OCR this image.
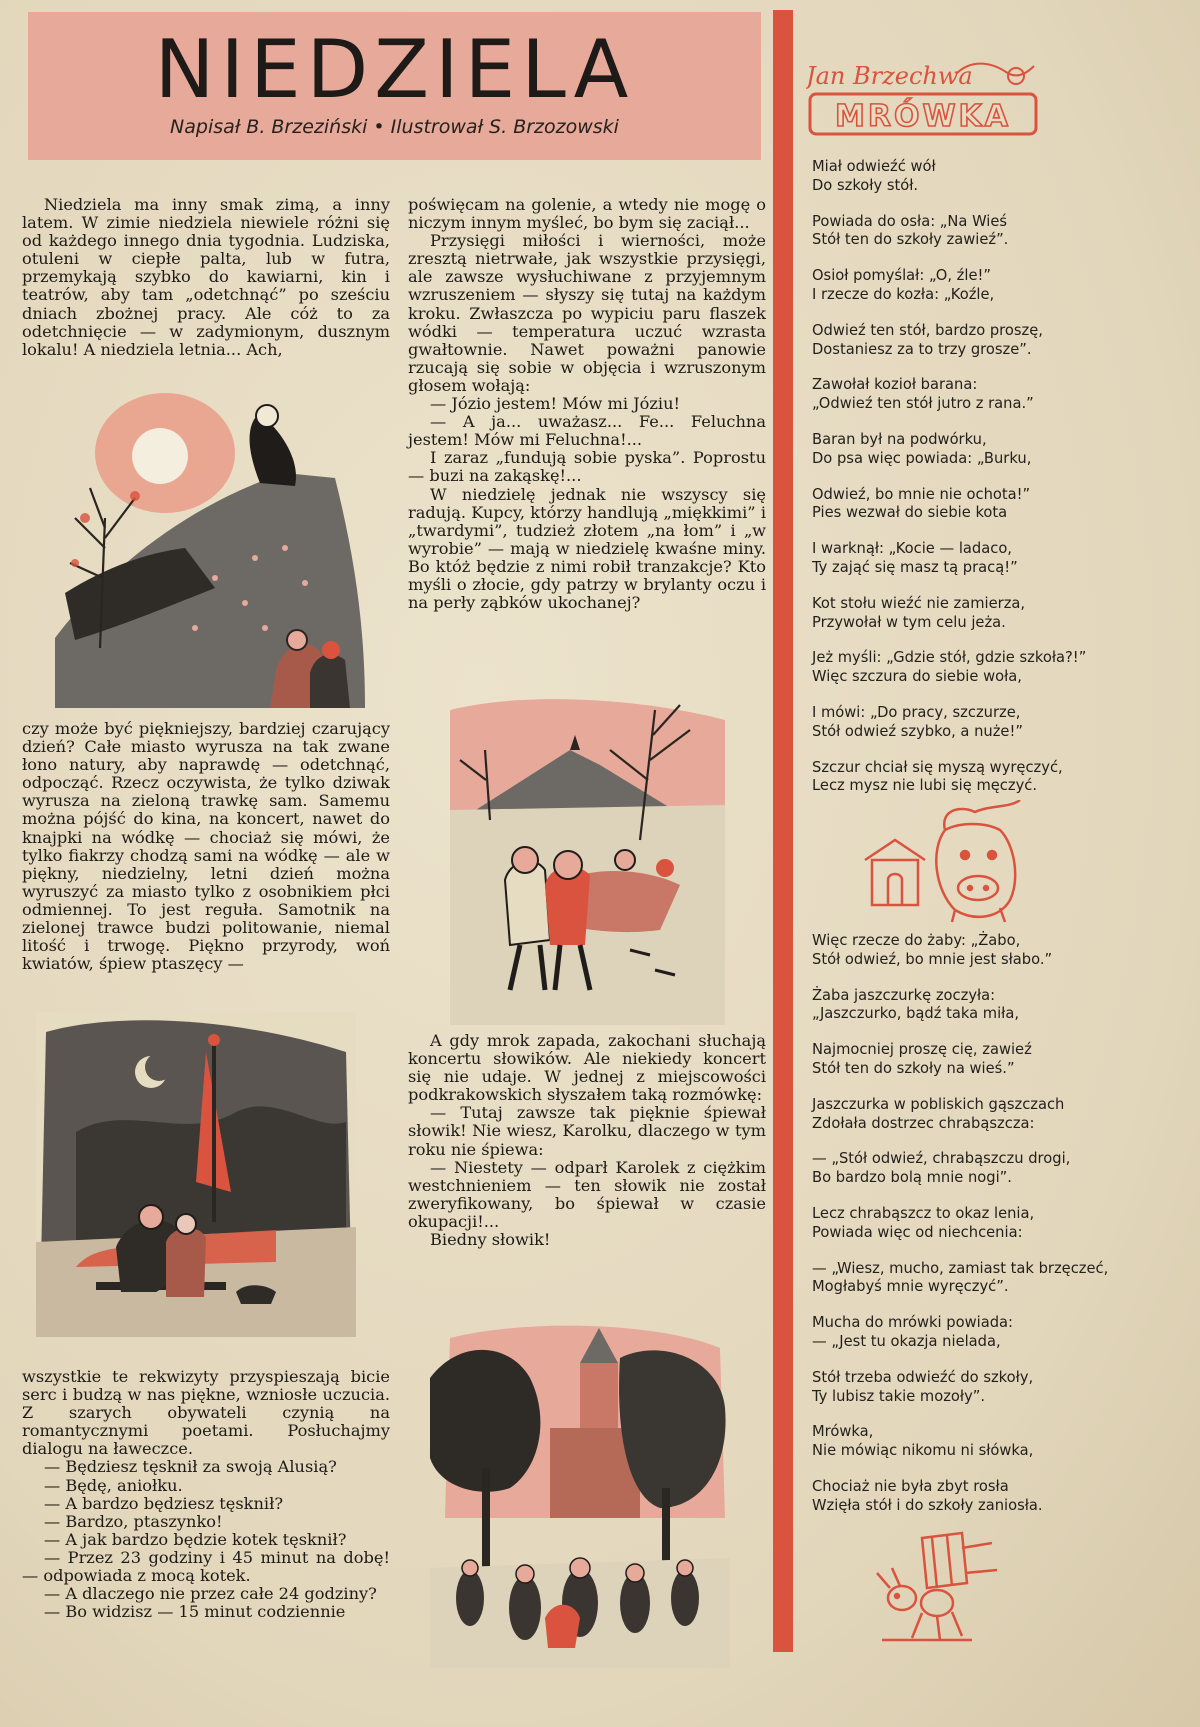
NIEDZIELA
Napisał B. Brzeziński • Ilustrował S. Brzozowski

Niedziela ma inny smak zimą, a inny latem. W zimie niedziela niewiele różni się od każdego innego dnia tygodnia. Ludziska, otuleni w ciepłe palta, lub w futra, przemykają szybko do kawiarni, kin i teatrów, aby tam „odetchnąć” po sześciu dniach zbożnej pracy. Ale cóż to za odetchnięcie — w zadymionym, dusznym lokalu! A niedziela letnia... Ach,

czy może być piękniejszy, bardziej czarujący dzień? Całe miasto wyrusza na tak zwane łono natury, aby naprawdę — odetchnąć, odpocząć. Rzecz oczywista, że tylko dziwak wyrusza na zieloną trawkę sam. Samemu można pójść do kina, na koncert, nawet do knajpki na wódkę — chociaż się mówi, że tylko fiakrzy chodzą sami na wódkę — ale w piękny, niedzielny, letni dzień można wyruszyć za miasto tylko z osobnikiem płci odmiennej. To jest reguła. Samotnik na zielonej trawce budzi politowanie, niemal litość i trwogę. Piękno przyrody, woń kwiatów, śpiew ptaszęcy —

wszystkie te rekwizyty przyspieszają bicie serc i budzą w nas piękne, wzniosłe uczucia. Z szarych obywateli czynią na romantycznymi poetami. Posłuchajmy dialogu na ławeczce.

— Będziesz tęsknił za swoją Alusią?

— Będę, aniołku.

— A bardzo będziesz tęsknił?

— Bardzo, ptaszynko!

— A jak bardzo będzie kotek tęsknił?

— Przez 23 godziny i 45 minut na dobę! — odpowiada z mocą kotek.

— A dlaczego nie przez całe 24 godziny?

— Bo widzisz — 15 minut codziennie

poświęcam na golenie, a wtedy nie mogę o niczym innym myśleć, bo bym się zaciął...

Przysięgi miłości i wierności, może zresztą nietrwałe, jak wszystkie przysięgi, ale zawsze wysłuchiwane z przyjemnym wzruszeniem — słyszy się tutaj na każdym kroku. Zwłaszcza po wypiciu paru flaszek wódki — temperatura uczuć wzrasta gwałtownie. Nawet poważni panowie rzucają się sobie w objęcia i wzruszonym głosem wołają:

— Józio jestem! Mów mi Józiu!

— A ja... uważasz... Fe... Feluchna jestem! Mów mi Feluchna!...

I zaraz „fundują sobie pyska”. Poprostu — buzi na zakąskę!...

W niedzielę jednak nie wszyscy się radują. Kupcy, którzy handlują „miękkimi” i „twardymi”, tudzież złotem „na łom” i „w wyrobie” — mają w niedzielę kwaśne miny. Bo któż będzie z nimi robił tranzakcje? Kto myśli o złocie, gdy patrzy w brylanty oczu i na perły ząbków ukochanej?

A gdy mrok zapada, zakochani słuchają koncertu słowików. Ale niekiedy koncert się nie udaje. W jednej z miejscowości podkrakowskich słyszałem taką rozmówkę:

— Tutaj zawsze tak pięknie śpiewał słowik! Nie wiesz, Karolku, dlaczego w tym roku nie śpiewa:

— Niestety — odparł Karolek z ciężkim westchnieniem — ten słowik nie został zweryfikowany, bo śpiewał w czasie okupacji!...

Biedny słowik!

Jan Brzechwa
MRÓWKA
Miał odwieźć wół
Do szkoły stół.
Powiada do osła: „Na Wieś
Stół ten do szkoły zawieź”.
Osioł pomyślał: „O, źle!”
I rzecze do kozła: „Koźle,
Odwieź ten stół, bardzo proszę,
Dostaniesz za to trzy grosze”.
Zawołał kozioł barana:
„Odwieź ten stół jutro z rana.”
Baran był na podwórku,
Do psa więc powiada: „Burku,
Odwieź, bo mnie nie ochota!”
Pies wezwał do siebie kota
I warknął: „Kocie — ladaco,
Ty zająć się masz tą pracą!”
Kot stołu wieźć nie zamierza,
Przywołał w tym celu jeża.
Jeż myśli: „Gdzie stół, gdzie szkoła?!”
Więc szczura do siebie woła,
I mówi: „Do pracy, szczurze,
Stół odwieź szybko, a nuże!”
Szczur chciał się myszą wyręczyć,
Lecz mysz nie lubi się męczyć.
Więc rzecze do żaby: „Żabo,
Stół odwieź, bo mnie jest słabo.”
Żaba jaszczurkę zoczyła:
„Jaszczurko, bądź taka miła,
Najmocniej proszę cię, zawieź
Stół ten do szkoły na wieś.”
Jaszczurka w pobliskich gąszczach
Zdołała dostrzec chrabąszcza:
— „Stół odwieź, chrabąszczu drogi,
Bo bardzo bolą mnie nogi”.
Lecz chrabąszcz to okaz lenia,
Powiada więc od niechcenia:
— „Wiesz, mucho, zamiast tak brzęczeć,
Mogłabyś mnie wyręczyć”.
Mucha do mrówki powiada:
— „Jest tu okazja nielada,
Stół trzeba odwieźć do szkoły,
Ty lubisz takie mozoły”.
Mrówka,
Nie mówiąc nikomu ni słówka,
Chociaż nie była zbyt rosła
Wzięła stół i do szkoły zaniosła.
